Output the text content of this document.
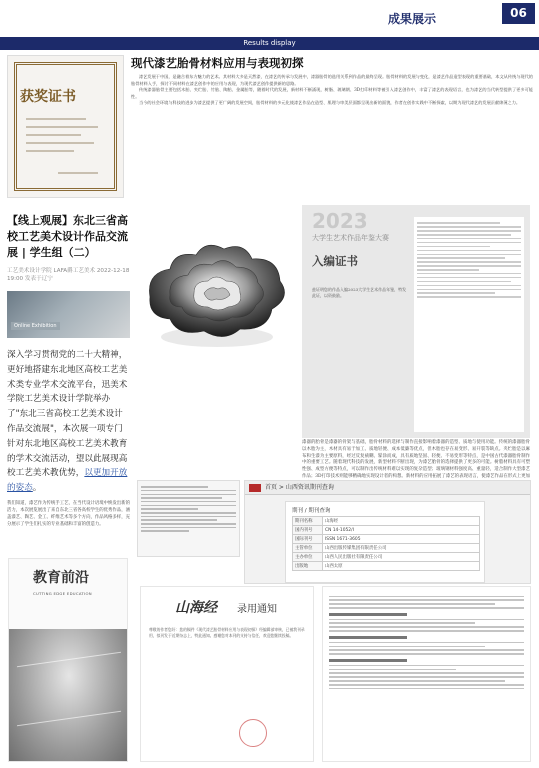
成果展示	06
Results display
获奖证书
现代漆艺胎骨材料应用与表现初探

漆艺发展于中国，是融合着东方魅力的艺术。其材料大多是天然漆，在漆艺的传承与发展中，漆器胎骨的选用关系到作品的最终呈现。胎骨材料的发展与变化，是漆艺作品造型表现的重要基础，本文从传统与现代的胎骨材料入手，探讨不同材料在漆艺创作中的应用与表现，为现代漆艺创作提供新的思路。

传统漆器胎骨主要包括木胎、夹纻胎、竹胎、陶胎、金属胎等，随着时代的发展，新材料不断涌现，树脂、玻璃钢、3D打印材料等被引入漆艺创作中，丰富了漆艺的表现语言，也为漆艺的当代转型提供了更多可能性。

当今的社会环境与科技的进步为漆艺提供了更广阔的发展空间，胎骨材料的多元化使漆艺作品在造型、肌理与审美层面都呈现出新的面貌，作者在创作实践中不断探索，以期为现代漆艺的发展贡献绵薄之力。

【线上观展】东北三省高校工艺美术设计作品交流展 | 学生组（二）
工艺美术设计学院 LAFA爵工艺美术 2022-12-18 19:00 发表于辽宁
Online Exhibition
深入学习贯彻党的二十大精神，更好地搭建东北地区高校工艺美术类专业学术交流平台，迅美术学院工艺美术设计学院举办了"东北三省高校工艺美术设计作品交流展"，本次展一项专门针对东北地区高校工艺美术教育的学术交流活动，望以此展现高校工艺美术教优势，以更加开放的姿态。
我们知道，漆艺作为传统手工艺，在当代设计语境中焕发出新的活力，本次展览展出了来自东北三省各高校学生的优秀作品，涵盖漆艺、陶艺、金工、纤维艺术等多个方向，作品风格多样，充分展示了学生们扎实的专业基础和丰富的创造力。
2023
大学生艺术作品年鉴大赛
入编证书
兹证明您的作品入编2023大学生艺术作品年鉴，特发此证，以资鼓励。
漆器的胎骨是漆器的骨架与基础，胎骨材料的选择与制作直接影响着漆器的造型、质地与使用功能。传统的漆器胎骨以木胎为主，木材具有易于加工、质地轻便、成本低廉等优点，但木胎也存在易变形、易开裂等缺点。夹纻胎是以麻布和生漆为主要原料，经过反复裱糊、髹涂而成，具有质地坚固、轻便、不易变形等特点，是中国古代漆器胎骨制作中的重要工艺。随着现代科技的发展，新型材料不断出现，为漆艺胎骨的选择提供了更多的可能。树脂材料具有可塑性强、成型方便等特点，可以制作出传统材料难以实现的复杂造型；玻璃钢材料强度高、重量轻，适合制作大型漆艺作品；3D打印技术则能够精确地实现设计者的构想。新材料的应用拓展了漆艺的表现语言，使漆艺作品在形式上更加
首页 > 山西资讯期刊查询
期刊 / 期刊查询
期刊名称	山海经
国内刊号	CN 14-1052/I
国际刊号	ISSN 1671-3605
主管单位	山西出版传媒集团有限责任公司
主办单位	山西人民出版社有限责任公司
出版地	山西太原
教育前沿
CUTTING EDGE EDUCATION
山海经 录用通知
尊敬的作者您好：您的稿件《现代漆艺胎骨材料应用与表现初探》经编辑部审核，已被我刊录用，拟刊发于近期杂志上，特此通知。感谢您对本刊的支持与信任，欢迎您继续投稿。
